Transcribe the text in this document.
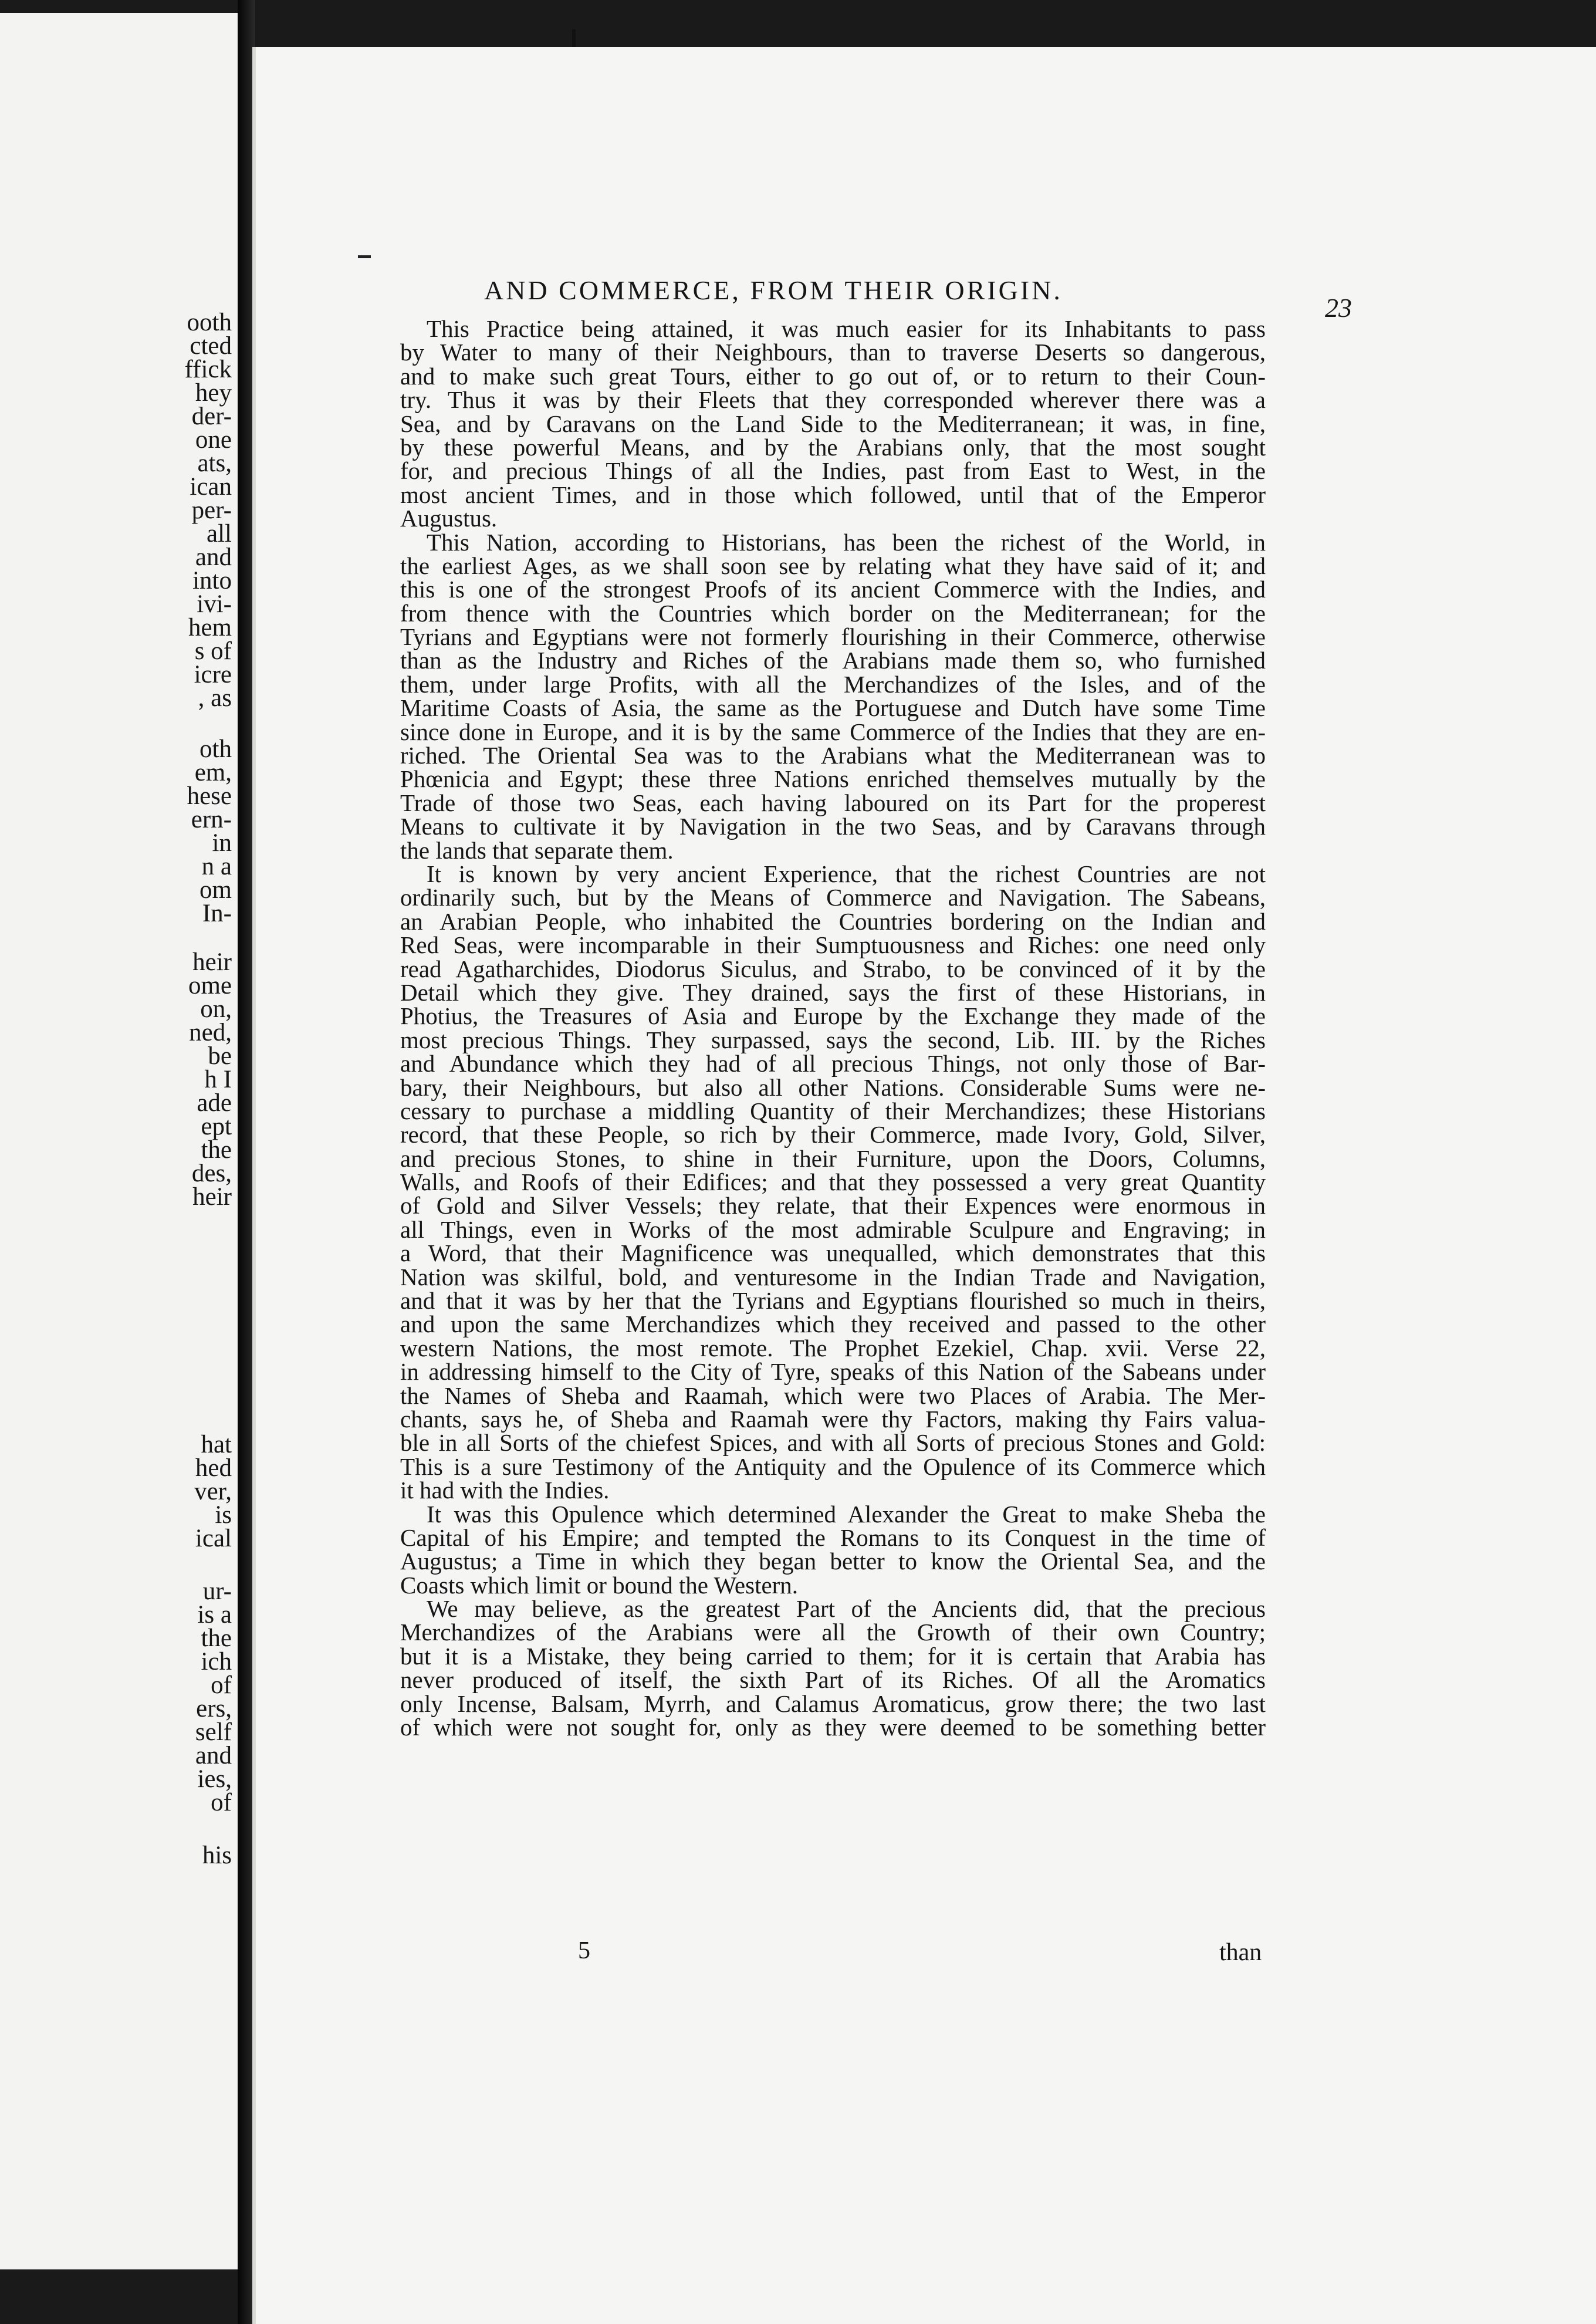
ooth

cted

ffick

hey

der-

one

ats,

ican

per-

all

and

into

ivi-

hem

s of

icre

, as

oth

em,

hese

ern-

in

n a

om

In-

heir

ome

on,

ned,

be

h I

ade

ept

the

des,

heir

hat

hed

ver,

is

ical

ur-

is a

the

ich

of

ers,

self

and

ies,

of

his

AND COMMERCE, FROM THEIR ORIGIN.

23

This Practice being attained, it was much easier for its Inhabitants to pass
by Water to many of their Neighbours, than to traverse Deserts so dangerous,
and to make such great Tours, either to go out of, or to return to their Coun-
try. Thus it was by their Fleets that they corresponded wherever there was a
Sea, and by Caravans on the Land Side to the Mediterranean; it was, in fine,
by these powerful Means, and by the Arabians only, that the most sought
for, and precious Things of all the Indies, past from East to West, in the
most ancient Times, and in those which followed, until that of the Emperor
Augustus.
This Nation, according to Historians, has been the richest of the World, in
the earliest Ages, as we shall soon see by relating what they have said of it; and
this is one of the strongest Proofs of its ancient Commerce with the Indies, and
from thence with the Countries which border on the Mediterranean; for the
Tyrians and Egyptians were not formerly flourishing in their Commerce, otherwise
than as the Industry and Riches of the Arabians made them so, who furnished
them, under large Profits, with all the Merchandizes of the Isles, and of the
Maritime Coasts of Asia, the same as the Portuguese and Dutch have some Time
since done in Europe, and it is by the same Commerce of the Indies that they are en-
riched. The Oriental Sea was to the Arabians what the Mediterranean was to
Phœnicia and Egypt; these three Nations enriched themselves mutually by the
Trade of those two Seas, each having laboured on its Part for the properest
Means to cultivate it by Navigation in the two Seas, and by Caravans through
the lands that separate them.
It is known by very ancient Experience, that the richest Countries are not
ordinarily such, but by the Means of Commerce and Navigation. The Sabeans,
an Arabian People, who inhabited the Countries bordering on the Indian and
Red Seas, were incomparable in their Sumptuousness and Riches: one need only
read Agatharchides, Diodorus Siculus, and Strabo, to be convinced of it by the
Detail which they give. They drained, says the first of these Historians, in
Photius, the Treasures of Asia and Europe by the Exchange they made of the
most precious Things. They surpassed, says the second, Lib. III. by the Riches
and Abundance which they had of all precious Things, not only those of Bar-
bary, their Neighbours, but also all other Nations. Considerable Sums were ne-
cessary to purchase a middling Quantity of their Merchandizes; these Historians
record, that these People, so rich by their Commerce, made Ivory, Gold, Silver,
and precious Stones, to shine in their Furniture, upon the Doors, Columns,
Walls, and Roofs of their Edifices; and that they possessed a very great Quantity
of Gold and Silver Vessels; they relate, that their Expences were enormous in
all Things, even in Works of the most admirable Sculpure and Engraving; in
a Word, that their Magnificence was unequalled, which demonstrates that this
Nation was skilful, bold, and venturesome in the Indian Trade and Navigation,
and that it was by her that the Tyrians and Egyptians flourished so much in theirs,
and upon the same Merchandizes which they received and passed to the other
western Nations, the most remote. The Prophet Ezekiel, Chap. xvii. Verse 22,
in addressing himself to the City of Tyre, speaks of this Nation of the Sabeans under
the Names of Sheba and Raamah, which were two Places of Arabia. The Mer-
chants, says he, of Sheba and Raamah were thy Factors, making thy Fairs valua-
ble in all Sorts of the chiefest Spices, and with all Sorts of precious Stones and Gold:
This is a sure Testimony of the Antiquity and the Opulence of its Commerce which
it had with the Indies.
It was this Opulence which determined Alexander the Great to make Sheba the
Capital of his Empire; and tempted the Romans to its Conquest in the time of
Augustus; a Time in which they began better to know the Oriental Sea, and the
Coasts which limit or bound the Western.
We may believe, as the greatest Part of the Ancients did, that the precious
Merchandizes of the Arabians were all the Growth of their own Country;
but it is a Mistake, they being carried to them; for it is certain that Arabia has
never produced of itself, the sixth Part of its Riches. Of all the Aromatics
only Incense, Balsam, Myrrh, and Calamus Aromaticus, grow there; the two last
of which were not sought for, only as they were deemed to be something better

5	than
